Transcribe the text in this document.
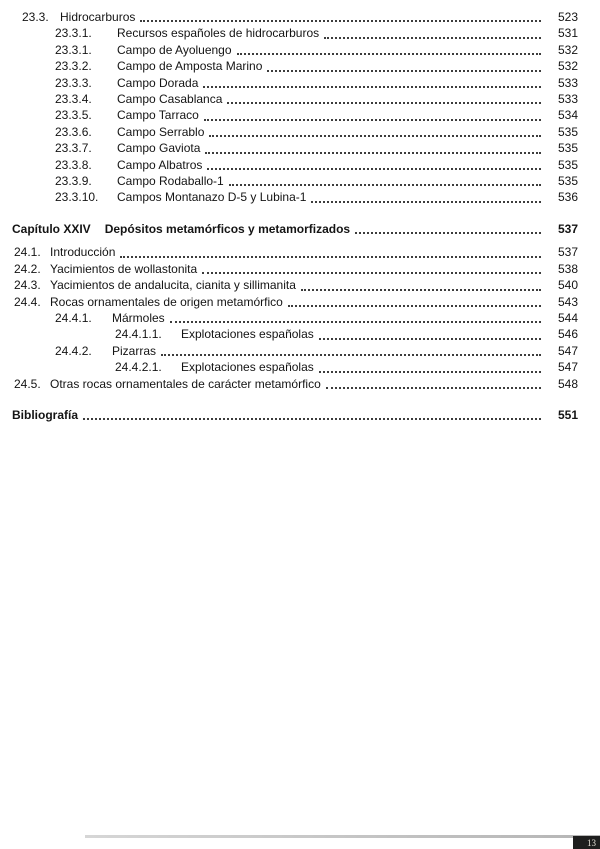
23.3. Hidrocarburos	523
23.3.1.	Recursos españoles de hidrocarburos	531
23.3.1.	Campo de Ayoluengo	532
23.3.2.	Campo de Amposta Marino	532
23.3.3.	Campo Dorada	533
23.3.4.	Campo Casablanca	533
23.3.5.	Campo Tarraco	534
23.3.6.	Campo Serrablo	535
23.3.7.	Campo Gaviota	535
23.3.8.	Campo Albatros	535
23.3.9.	Campo Rodaballo-1	535
23.3.10.	Campos Montanazo D-5 y Lubina-1	536
Capítulo XXIV Depósitos metamórficos y metamorfizados	537
24.1. Introducción	537
24.2. Yacimientos de wollastonita	538
24.3. Yacimientos de andalucita, cianita y sillimanita	540
24.4. Rocas ornamentales de origen metamórfico	543
24.4.1.	Mármoles	544
24.4.1.1.	Explotaciones españolas	546
24.4.2.	Pizarras	547
24.4.2.1.	Explotaciones españolas	547
24.5. Otras rocas ornamentales de carácter metamórfico	548
Bibliografía	551
13
